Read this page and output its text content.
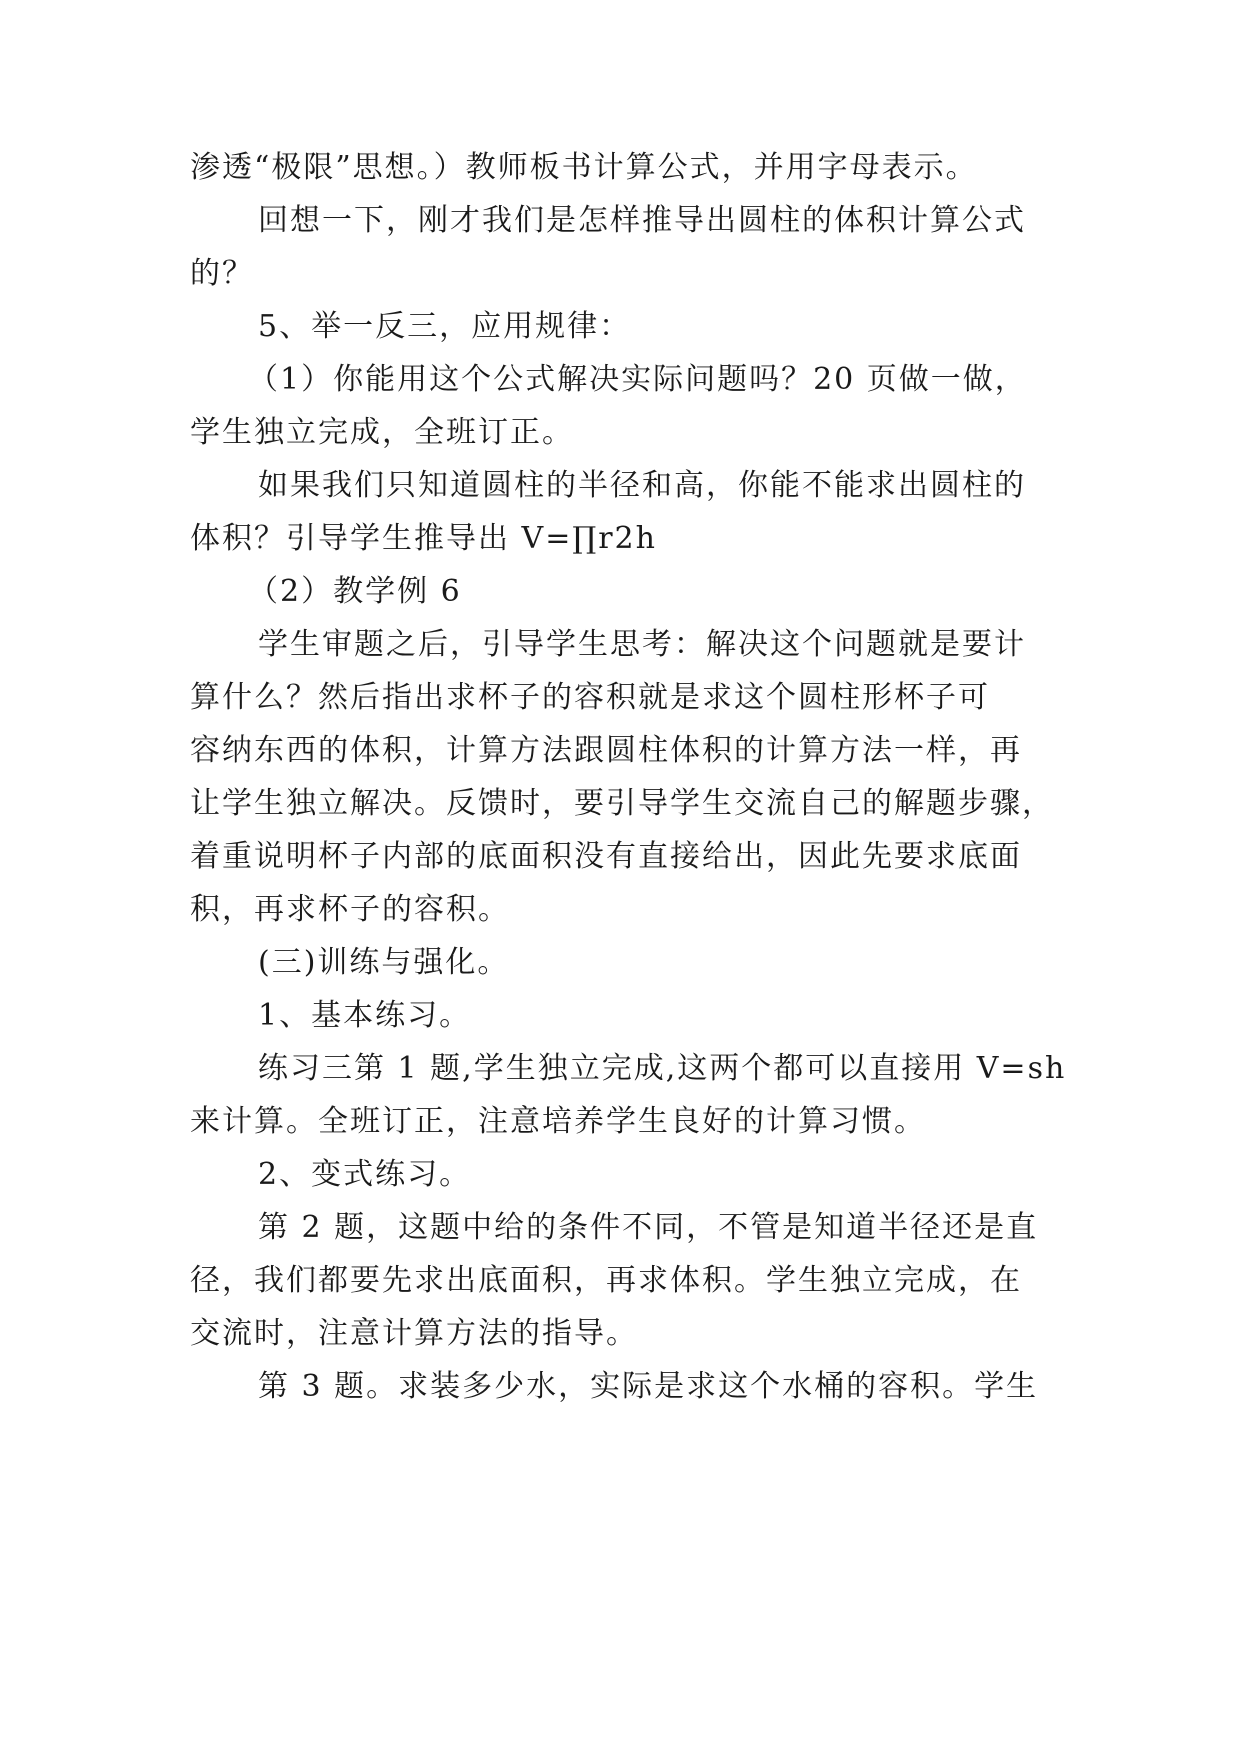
渗透“极限”思想。）教师板书计算公式，并用字母表示。
回想一下，刚才我们是怎样推导出圆柱的体积计算公式
的？
5、举一反三，应用规律：
（1）你能用这个公式解决实际问题吗？20 页做一做，
学生独立完成，全班订正。
如果我们只知道圆柱的半径和高，你能不能求出圆柱的
体积？引导学生推导出 V=∏r2h
（2）教学例 6
学生审题之后，引导学生思考：解决这个问题就是要计
算什么？然后指出求杯子的容积就是求这个圆柱形杯子可
容纳东西的体积，计算方法跟圆柱体积的计算方法一样，再
让学生独立解决。反馈时，要引导学生交流自己的解题步骤，
着重说明杯子内部的底面积没有直接给出，因此先要求底面
积，再求杯子的容积。
(三)训练与强化。
1、基本练习。
练习三第 1 题,学生独立完成,这两个都可以直接用 V=sh
来计算。全班订正，注意培养学生良好的计算习惯。
2、变式练习。
第 2 题，这题中给的条件不同，不管是知道半径还是直
径，我们都要先求出底面积，再求体积。学生独立完成，在
交流时，注意计算方法的指导。
第 3 题。求装多少水，实际是求这个水桶的容积。学生
